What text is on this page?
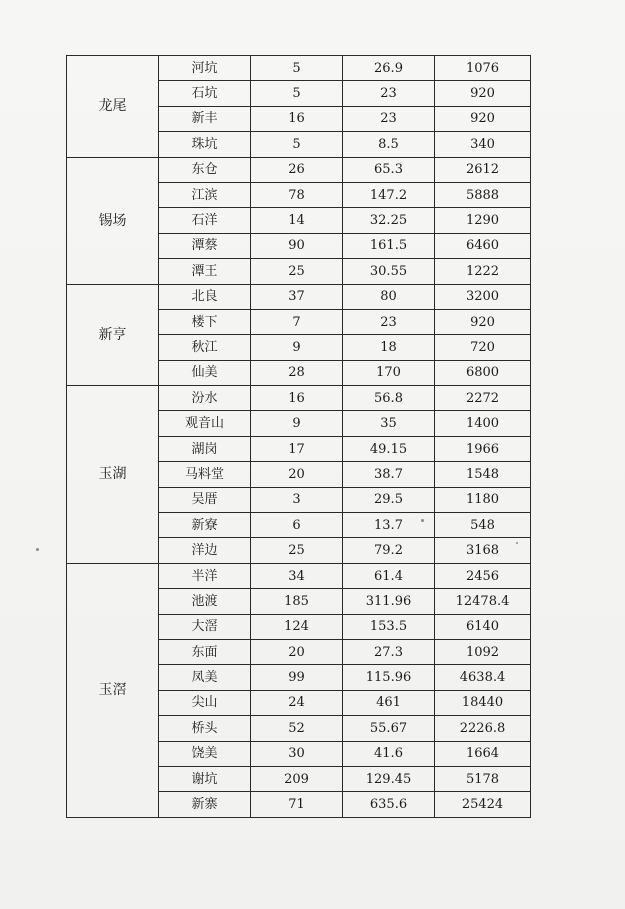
龙尾	河坑	5	26.9	1076
	石坑	5	23	920
	新丰	16	23	920
	珠坑	5	8.5	340
锡场	东仓	26	65.3	2612
	江滨	78	147.2	5888
	石洋	14	32.25	1290
	潭蔡	90	161.5	6460
	潭王	25	30.55	1222
新亨	北良	37	80	3200
	楼下	7	23	920
	秋江	9	18	720
	仙美	28	170	6800
玉湖	汾水	16	56.8	2272
	观音山	9	35	1400
	湖岗	17	49.15	1966
	马料堂	20	38.7	1548
	吴厝	3	29.5	1180
	新寮	6	13.7	548
	洋边	25	79.2	3168
玉滘	半洋	34	61.4	2456
	池渡	185	311.96	12478.4
	大滘	124	153.5	6140
	东面	20	27.3	1092
	凤美	99	115.96	4638.4
	尖山	24	461	18440
	桥头	52	55.67	2226.8
	饶美	30	41.6	1664
	谢坑	209	129.45	5178
	新寨	71	635.6	25424
